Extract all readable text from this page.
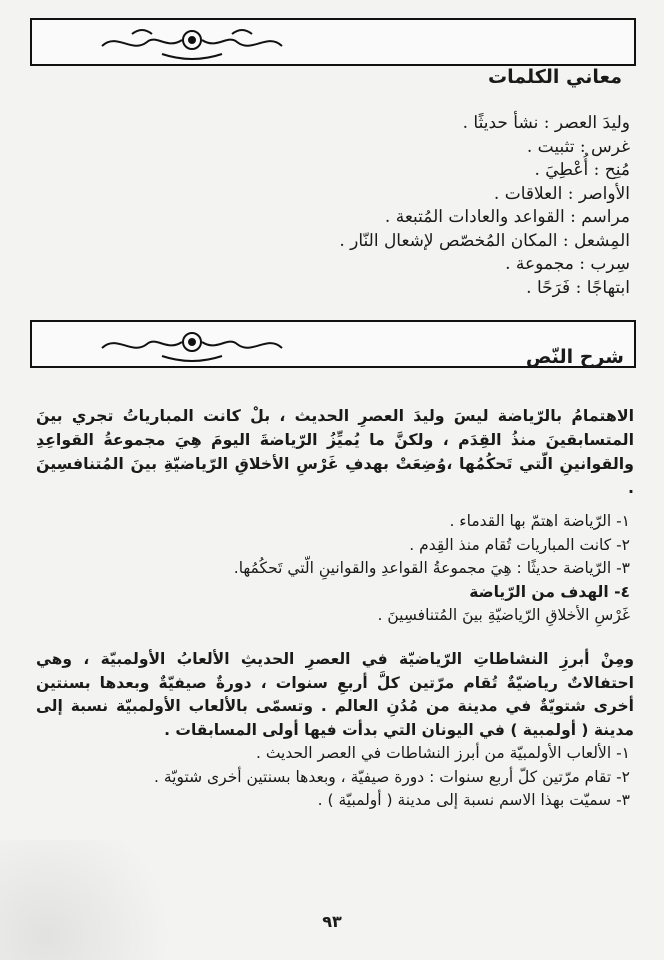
معاني الكلمات
وليدَ العصر : نشأ حديثًا .
غرس : تثبيت .
مُنِح : أُعْطِيَ .
الأواصر : العلاقات .
مراسم : القواعد والعادات المُتبعة .
المِشعل : المكان المُخصّص لإشعال النّار .
سِرب : مجموعة .
ابتهاجًا : فَرَحًا .
شرح النّص
الاهتمامُ بالرّياضة ليسَ وليدَ العصرِ الحديث ، بلْ كانت المبارياتُ تجري بينَ المتسابقينَ منذُ القِدَم ، ولكنَّ ما يُميِّزُ الرّياضةَ اليومَ هِيَ مجموعةُ القواعِدِ والقوانينِ الّتي تَحكُمُها ،وُضِعَتْ بهدفِ غَرْسِ الأخلاقِ الرّياضيّةِ بينَ المُتنافسِينَ .
١- الرّياضة اهتمّ بها القدماء .
٢- كانت المباريات تُقام منذ القِدم .
٣- الرّياضة حديثًا : هِيَ مجموعةُ القواعدِ والقوانينِ الّتي تَحكُمُها.
٤- الهدف من الرّياضة
غَرْسِ الأخلاقِ الرّياضيّةِ بينَ المُتنافسِينَ .
ومِنْ أبرزِ النشاطاتِ الرّياضيّة في العصرِ الحديثِ الألعابُ الأولمبيّة ، وهي احتفالاتٌ رياضيّةٌ تُقام مرّتين كلَّ أربعِ سنوات ، دورةٌ صيفيّةٌ وبعدها بسنتين أخرى شتويّةٌ في مدينة من مُدُنِ العالم . وتسمّى بالألعاب الأولمبيّة نسبة إلى مدينة ( أولمبية ) في اليونان التي بدأت فيها أولى المسابقات .
١- الألعاب الأولمبيّة من أبرز النشاطات في العصر الحديث .
٢- تقام مرّتين كلّ أربع سنوات : دورة صيفيّة ، وبعدها بسنتين أخرى شتويّة .
٣- سميّت بهذا الاسم نسبة إلى مدينة ( أولمبيّة ) .
٩٣
